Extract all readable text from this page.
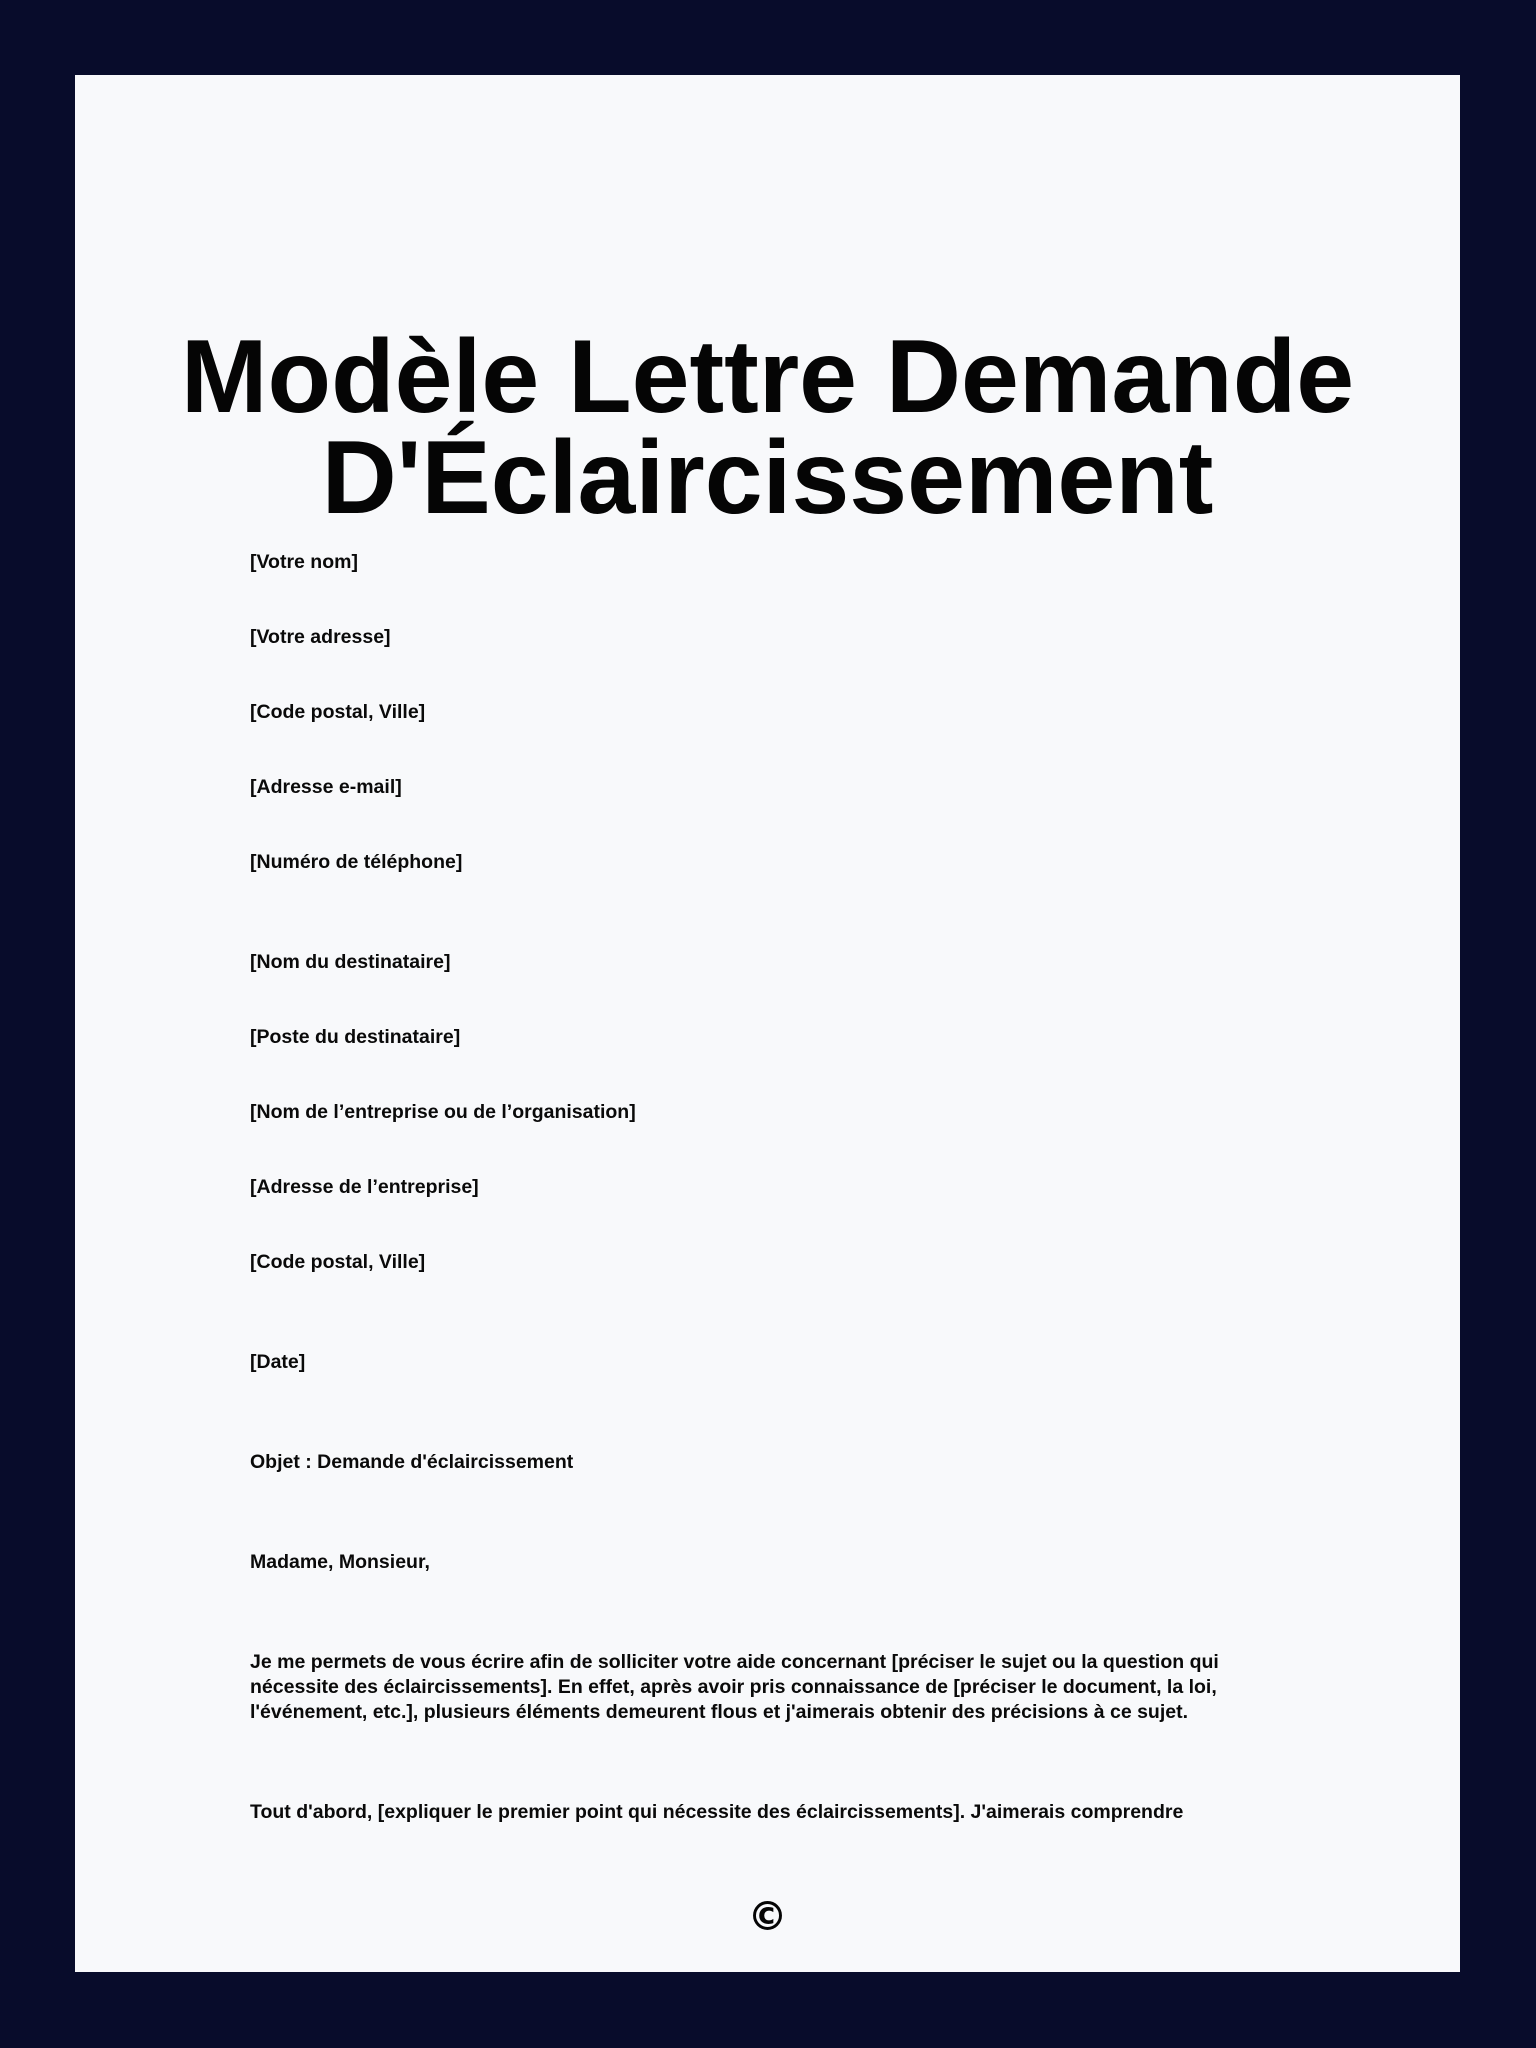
Modèle Lettre Demande
D'Éclaircissement
[Votre nom]
[Votre adresse]
[Code postal, Ville]
[Adresse e-mail]
[Numéro de téléphone]
[Nom du destinataire]
[Poste du destinataire]
[Nom de l’entreprise ou de l’organisation]
[Adresse de l’entreprise]
[Code postal, Ville]
[Date]
Objet : Demande d'éclaircissement
Madame, Monsieur,
Je me permets de vous écrire afin de solliciter votre aide concernant [préciser le sujet ou la question qui nécessite des éclaircissements]. En effet, après avoir pris connaissance de [préciser le document, la loi, l'événement, etc.], plusieurs éléments demeurent flous et j'aimerais obtenir des précisions à ce sujet.
Tout d'abord, [expliquer le premier point qui nécessite des éclaircissements]. J'aimerais comprendre
©
